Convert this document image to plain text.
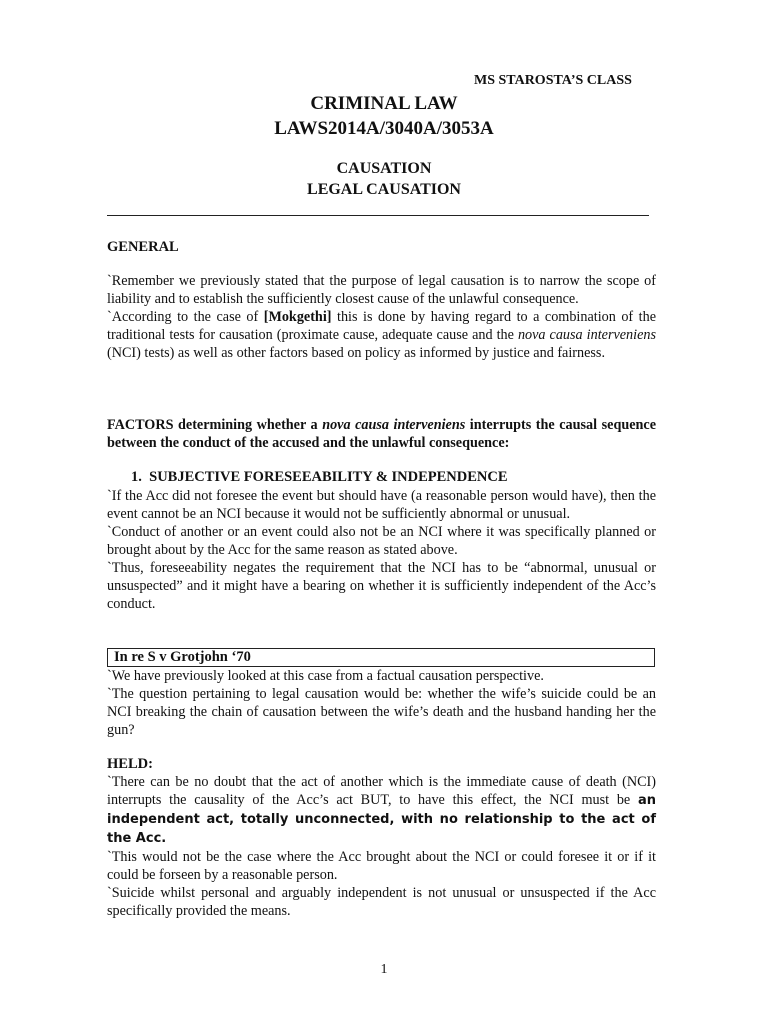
MS STAROSTA’S CLASS
CRIMINAL LAW
LAWS2014A/3040A/3053A
CAUSATION
LEGAL CAUSATION
GENERAL

`Remember we previously stated that the purpose of legal causation is to narrow the scope of liability and to establish the sufficiently closest cause of the unlawful consequence.

`According to the case of [Mokgethi] this is done by having regard to a combination of the traditional tests for causation (proximate cause, adequate cause and the nova causa interveniens (NCI) tests) as well as other factors based on policy as informed by justice and fairness.

FACTORS determining whether a nova causa interveniens interrupts the causal sequence between the conduct of the accused and the unlawful consequence:

1. SUBJECTIVE FORESEEABILITY & INDEPENDENCE

`If the Acc did not foresee the event but should have (a reasonable person would have), then the event cannot be an NCI because it would not be sufficiently abnormal or unusual.

`Conduct of another or an event could also not be an NCI where it was specifically planned or brought about by the Acc for the same reason as stated above.

`Thus, foreseeability negates the requirement that the NCI has to be “abnormal, unusual or unsuspected” and it might have a bearing on whether it is sufficiently independent of the Acc’s conduct.

In re S v Grotjohn ‘70

`We have previously looked at this case from a factual causation perspective.

`The question pertaining to legal causation would be: whether the wife’s suicide could be an NCI breaking the chain of causation between the wife’s death and the husband handing her the gun?

HELD:

`There can be no doubt that the act of another which is the immediate cause of death (NCI) interrupts the causality of the Acc’s act BUT, to have this effect, the NCI must be an independent act, totally unconnected, with no relationship to the act of the Acc.

`This would not be the case where the Acc brought about the NCI or could foresee it or if it could be forseen by a reasonable person.

`Suicide whilst personal and arguably independent is not unusual or unsuspected if the Acc specifically provided the means.

1
